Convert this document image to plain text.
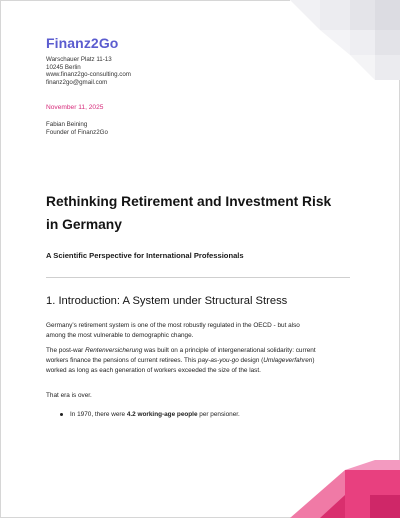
Finanz2Go
Warschauer Platz 11-13
10245 Berlin
www.finanz2go-consulting.com
finanz2go@gmail.com
November 11, 2025
Fabian Beining
Founder of Finanz2Go
Rethinking Retirement and Investment Risk
in Germany
A Scientific Perspective for International Professionals
1. Introduction: A System under Structural Stress
Germany’s retirement system is one of the most robustly regulated in the OECD - but also
among the most vulnerable to demographic change.
The post-war Rentenversicherung was built on a principle of intergenerational solidarity: current
workers finance the pensions of current retirees. This pay-as-you-go design (Umlageverfahren)
worked as long as each generation of workers exceeded the size of the last.
That era is over.
In 1970, there were 4.2 working-age people per pensioner.
